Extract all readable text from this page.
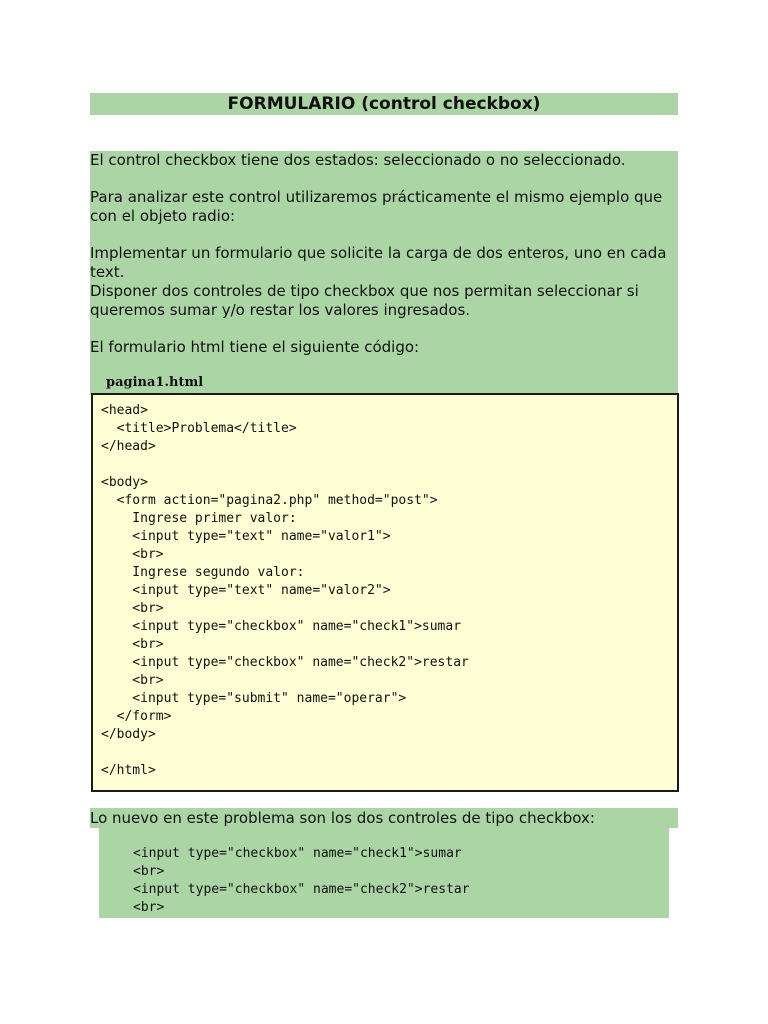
FORMULARIO (control checkbox)

El control checkbox tiene dos estados: seleccionado o no seleccionado.

Para analizar este control utilizaremos prácticamente el mismo ejemplo que con el objeto radio:

Implementar un formulario que solicite la carga de dos enteros, uno en cada text.
Disponer dos controles de tipo checkbox que nos permitan seleccionar si queremos sumar y/o restar los valores ingresados.

El formulario html tiene el siguiente código:

pagina1.html
<head>
<title>Problema</title>
</head>
<body>
<form action="pagina2.php" method="post">
Ingrese primer valor:
<input type="text" name="valor1">
<br>
Ingrese segundo valor:
<input type="text" name="valor2">
<br>
<input type="checkbox" name="check1">sumar
<br>
<input type="checkbox" name="check2">restar
<br>
<input type="submit" name="operar">
</form>
</body>
</html>
Lo nuevo en este problema son los dos controles de tipo checkbox:
<input type="checkbox" name="check1">sumar
<br>
<input type="checkbox" name="check2">restar
<br>
